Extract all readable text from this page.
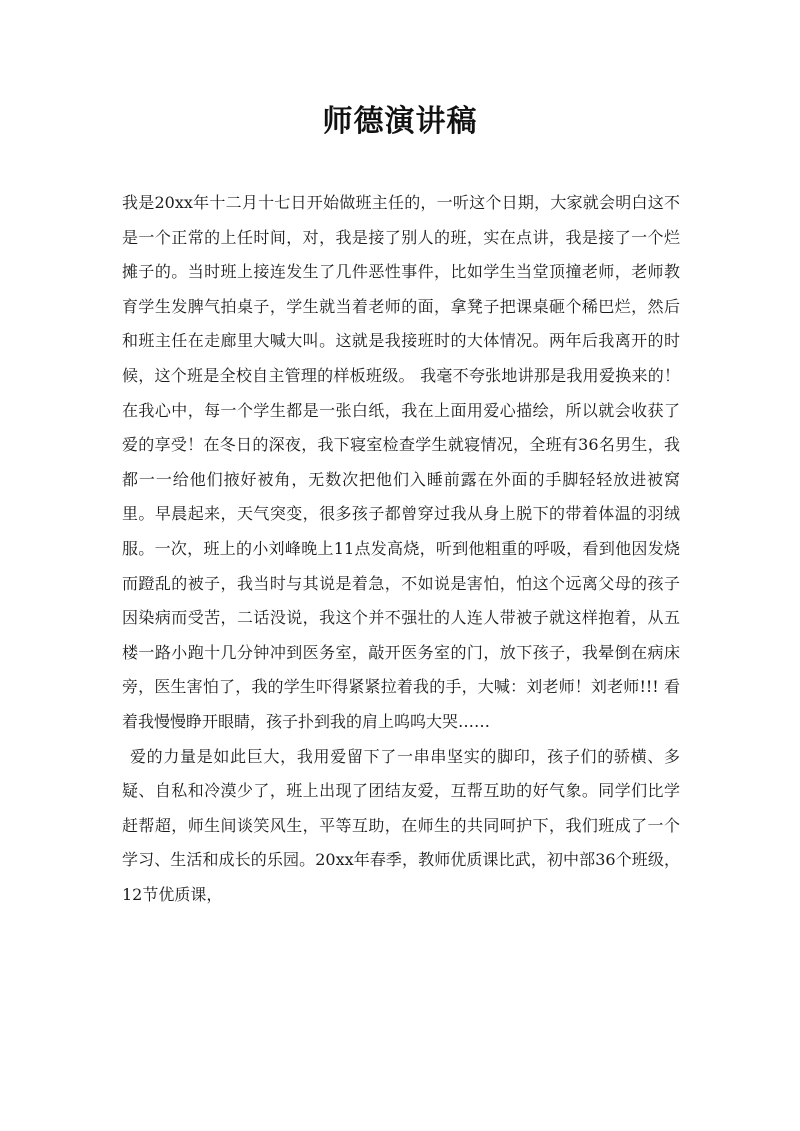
师德演讲稿

我是20xx年十二月十七日开始做班主任的，一听这个日期，大家就会明白这不是一个正常的上任时间，对，我是接了别人的班，实在点讲，我是接了一个烂摊子的。当时班上接连发生了几件恶性事件，比如学生当堂顶撞老师，老师教育学生发脾气拍桌子，学生就当着老师的面，拿凳子把课桌砸个稀巴烂，然后和班主任在走廊里大喊大叫。这就是我接班时的大体情况。两年后我离开的时候，这个班是全校自主管理的样板班级。 我毫不夸张地讲那是我用爱换来的！在我心中，每一个学生都是一张白纸，我在上面用爱心描绘，所以就会收获了爱的享受！在冬日的深夜，我下寝室检查学生就寝情况，全班有36名男生，我都一一给他们掖好被角，无数次把他们入睡前露在外面的手脚轻轻放进被窝里。早晨起来，天气突变，很多孩子都曾穿过我从身上脱下的带着体温的羽绒服。一次，班上的小刘峰晚上11点发高烧，听到他粗重的呼吸，看到他因发烧而蹬乱的被子，我当时与其说是着急，不如说是害怕，怕这个远离父母的孩子因染病而受苦，二话没说，我这个并不强壮的人连人带被子就这样抱着，从五楼一路小跑十几分钟冲到医务室，敲开医务室的门，放下孩子，我晕倒在病床旁，医生害怕了，我的学生吓得紧紧拉着我的手，大喊：刘老师！刘老师!!! 看着我慢慢睁开眼睛，孩子扑到我的肩上呜呜大哭……

爱的力量是如此巨大，我用爱留下了一串串坚实的脚印，孩子们的骄横、多疑、自私和冷漠少了，班上出现了团结友爱，互帮互助的好气象。同学们比学赶帮超，师生间谈笑风生，平等互助，在师生的共同呵护下，我们班成了一个学习、生活和成长的乐园。20xx年春季，教师优质课比武，初中部36个班级，12节优质课，
